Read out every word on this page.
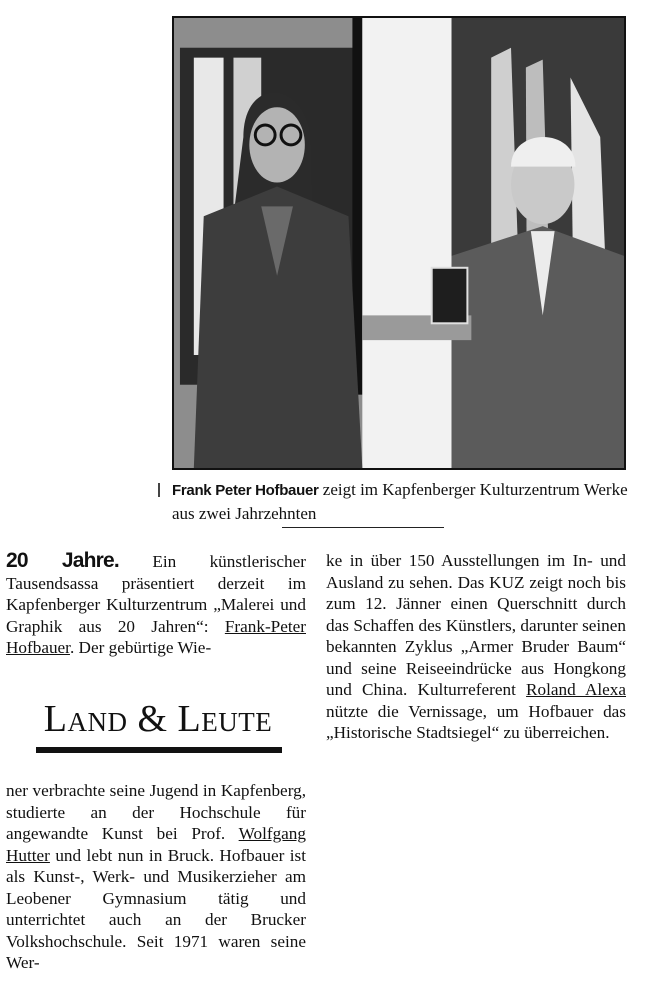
Frank Peter Hofbauer zeigt im Kapfenberger Kulturzentrum Werke aus zwei Jahrzehnten

20 Jahre. Ein künstlerischer Tausendsassa präsentiert derzeit im Kapfenberger Kulturzentrum „Malerei und Graphik aus 20 Jahren“: Frank-Peter Hofbauer. Der gebürtige Wie-

Land & Leute

ner verbrachte seine Jugend in Kapfenberg, studierte an der Hochschule für angewandte Kunst bei Prof. Wolfgang Hutter und lebt nun in Bruck. Hofbauer ist als Kunst-, Werk- und Musikerzieher am Leobener Gymnasium tätig und unterrichtet auch an der Brucker Volkshochschule. Seit 1971 waren seine Wer-

ke in über 150 Ausstellungen im In- und Ausland zu sehen. Das KUZ zeigt noch bis zum 12. Jänner einen Querschnitt durch das Schaffen des Künstlers, darunter seinen bekannten Zyklus „Armer Bruder Baum“ und seine Reiseeindrücke aus Hongkong und China. Kulturreferent Roland Alexa nützte die Vernissage, um Hofbauer das „Historische Stadtsiegel“ zu überreichen.
